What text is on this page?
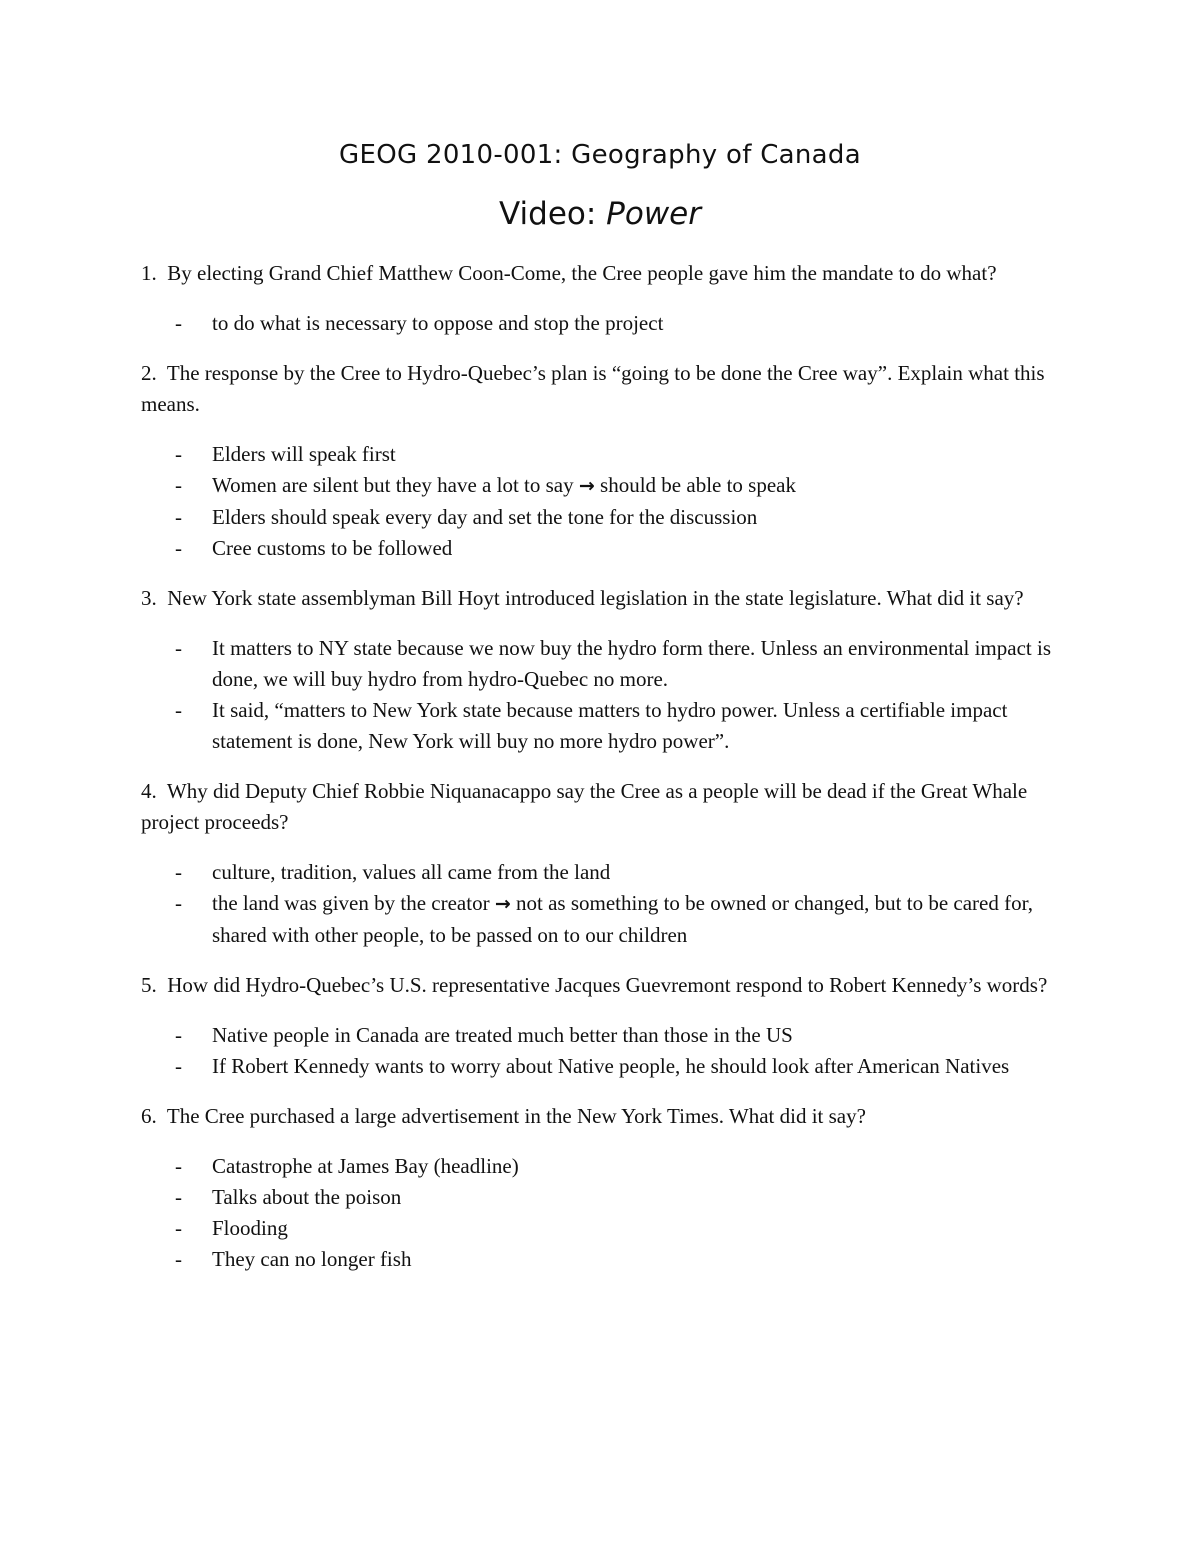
GEOG 2010-001: Geography of Canada
Video: Power

1. By electing Grand Chief Matthew Coon-Come, the Cree people gave him the mandate to do what?

- to do what is necessary to oppose and stop the project

2. The response by the Cree to Hydro-Quebec’s plan is “going to be done the Cree way”. Explain what this means.

- Elders will speak first
- Women are silent but they have a lot to say → should be able to speak
- Elders should speak every day and set the tone for the discussion
- Cree customs to be followed

3. New York state assemblyman Bill Hoyt introduced legislation in the state legislature. What did it say?

- It matters to NY state because we now buy the hydro form there. Unless an environmental impact is done, we will buy hydro from hydro-Quebec no more.
- It said, “matters to New York state because matters to hydro power. Unless a certifiable impact statement is done, New York will buy no more hydro power”.

4. Why did Deputy Chief Robbie Niquanacappo say the Cree as a people will be dead if the Great Whale project proceeds?

- culture, tradition, values all came from the land
- the land was given by the creator → not as something to be owned or changed, but to be cared for, shared with other people, to be passed on to our children

5. How did Hydro-Quebec’s U.S. representative Jacques Guevremont respond to Robert Kennedy’s words?

- Native people in Canada are treated much better than those in the US
- If Robert Kennedy wants to worry about Native people, he should look after American Natives

6. The Cree purchased a large advertisement in the New York Times. What did it say?

- Catastrophe at James Bay (headline)
- Talks about the poison
- Flooding
- They can no longer fish
